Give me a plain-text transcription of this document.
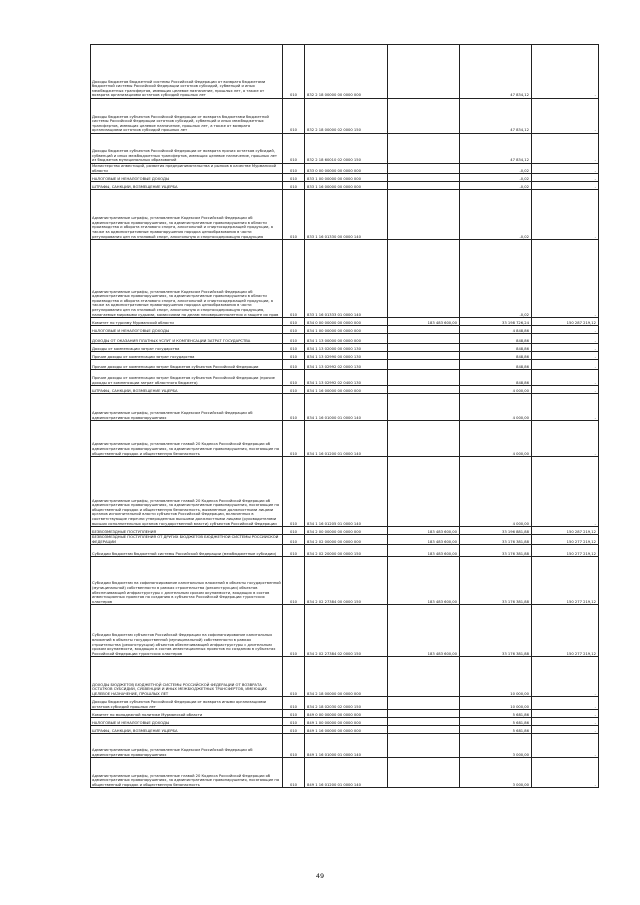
Доходы бюджетов бюджетной системы Российской Федерации от возврата бюджетами бюджетной системы Российской Федерации остатков субсидий, субвенций и иных межбюджетных трансфертов, имеющих целевое назначение, прошлых лет, а также от возврата организациями остатков субсидий прошлых лет	010	832 2 18 00000 00 0000 000		47 834,12	-
Доходы бюджетов субъектов Российской Федерации от возврата бюджетами бюджетной системы Российской Федерации остатков субсидий, субвенций и иных межбюджетных трансфертов, имеющих целевое назначение, прошлых лет, а также от возврата организациями остатков субсидий прошлых лет	010	832 2 18 00000 02 0000 150		47 834,12	-
Доходы бюджетов субъектов Российской Федерации от возврата прочих остатков субсидий, субвенций и иных межбюджетных трансфертов, имеющих целевое назначение, прошлых лет из бюджетов муниципальных образований	010	832 2 18 60010 02 0000 150		47 834,12	-
Министерство инвестиций, развития предпринимательства и рынков в качестве Мурманской области	010	833 0 00 00000 00 0000 000		-0,02	-
НАЛОГОВЫЕ И НЕНАЛОГОВЫЕ ДОХОДЫ	010	833 1 00 00000 00 0000 000		-0,02	-
ШТРАФЫ, САНКЦИИ, ВОЗМЕЩЕНИЕ УЩЕРБА	010	833 1 16 00000 00 0000 000		-0,02	-
Административные штрафы, установленные Кодексом Российской Федерации об административных правонарушениях, за административные правонарушения в области производства и оборота этилового спирта, алкогольной и спиртосодержащей продукции, а также за административные правонарушения порядка ценообразования в части регулирования цен на этиловый спирт, алкогольную и спиртосодержащую продукцию	010	833 1 16 01330 00 0000 140		-0,02	-
Административные штрафы, установленные Кодексом Российской Федерации об административных правонарушениях, за административные правонарушения в области производства и оборота этилового спирта, алкогольной и спиртосодержащей продукции, а также за административные правонарушения порядка ценообразования в части регулирования цен на этиловый спирт, алкогольную и спиртосодержащую продукцию, налагаемые мировыми судьями, комиссиями по делам несовершеннолетних и защите их прав	010	833 1 16 01333 01 0000 140		-0,02	-
Комитет по туризму Мурманской области	010	834 0 00 00000 00 0000 000	183 483 600,00	33 198 726,24	150 287 219,12
НАЛОГОВЫЕ И НЕНАЛОГОВЫЕ ДОХОДЫ	010	834 1 00 00000 00 0000 000		4 848,86	-
ДОХОДЫ ОТ ОКАЗАНИЯ ПЛАТНЫХ УСЛУГ И КОМПЕНСАЦИИ ЗАТРАТ ГОСУДАРСТВА	010	834 1 13 00000 00 0000 000		848,86	-
Доходы от компенсации затрат государства	010	834 1 13 02000 00 0000 130		848,86	-
Прочие доходы от компенсации затрат государства	010	834 1 13 02990 00 0000 130		848,86	-
Прочие доходы от компенсации затрат бюджетов субъектов Российской Федерации	010	834 1 13 02992 02 0000 130		848,86	-
Прочие доходы от компенсации затрат бюджетов субъектов Российской Федерации (прочие доходы от компенсации затрат областного бюджета)	010	834 1 13 02992 02 0400 130		848,86	-
ШТРАФЫ, САНКЦИИ, ВОЗМЕЩЕНИЕ УЩЕРБА	010	834 1 16 00000 00 0000 000		4 000,00	-
Административные штрафы, установленные Кодексом Российской Федерации об административных правонарушениях	010	834 1 16 01000 01 0000 140		4 000,00	-
Административные штрафы, установленные главой 20 Кодекса Российской Федерации об административных правонарушениях, за административные правонарушения, посягающие на общественный порядок и общественную безопасность	010	834 1 16 01200 01 0000 140		4 000,00	-
Административные штрафы, установленные главой 20 Кодекса Российской Федерации об административных правонарушениях, за административные правонарушения, посягающие на общественный порядок и общественную безопасность, выявленные должностными лицами органов исполнительной власти субъектов Российской Федерации, включенных в соответствующие перечни утвержденных высшими должностными лицами (руководителями высших исполнительных органов государственной власти) субъектов Российской Федерации	010	834 1 16 01205 01 0000 140		4 000,00	-
БЕЗВОЗМЕЗДНЫЕ ПОСТУПЛЕНИЯ	010	834 2 00 00000 00 0000 000	183 483 600,00	33 196 881,88	150 287 219,12
БЕЗВОЗМЕЗДНЫЕ ПОСТУПЛЕНИЯ ОТ ДРУГИХ БЮДЖЕТОВ БЮДЖЕТНОЙ СИСТЕМЫ РОССИЙСКОЙ ФЕДЕРАЦИИ	010	834 2 02 00000 00 0000 000	183 483 600,00	33 176 381,88	150 277 219,12
Субсидии бюджетам бюджетной системы Российской Федерации (межбюджетные субсидии)	010	834 2 02 20000 00 0000 150	183 483 600,00	33 176 381,88	150 277 219,12
Субсидии бюджетам на софинансирование капитальных вложений в объекты государственной (муниципальной) собственности в рамках строительства (реконструкции) объектов обеспечивающей инфраструктуры с длительным сроком окупаемости, входящих в состав инвестиционных проектов по созданию в субъектах Российской Федерации туристских кластеров	010	834 2 02 27384 00 0000 150	183 483 600,00	33 176 381,88	150 277 219,12
Субсидии бюджетам субъектов Российской Федерации на софинансирование капитальных вложений в объекты государственной (муниципальной) собственности в рамках строительства (реконструкции) объектов обеспечивающей инфраструктуры с длительным сроком окупаемости, входящих в состав инвестиционных проектов по созданию в субъектах Российской Федерации туристских кластеров	010	834 2 02 27384 02 0000 150	183 483 600,00	33 176 381,88	150 277 219,12
ДОХОДЫ БЮДЖЕТОВ БЮДЖЕТНОЙ СИСТЕМЫ РОССИЙСКОЙ ФЕДЕРАЦИИ ОТ ВОЗВРАТА ОСТАТКОВ СУБСИДИЙ, СУБВЕНЦИЙ И ИНЫХ МЕЖБЮДЖЕТНЫХ ТРАНСФЕРТОВ, ИМЕЮЩИХ ЦЕЛЕВОЕ НАЗНАЧЕНИЕ, ПРОШЛЫХ ЛЕТ	010	834 2 18 00000 00 0000 000		10 000,00	-
Доходы бюджетов субъектов Российской Федерации от возврата иными организациями остатков субсидий прошлых лет	010	834 2 18 02030 02 0000 150		10 000,00	-
Комитет по молодежной политике Мурманской области	010	849 0 00 00000 00 0000 000		5 681,86	-
НАЛОГОВЫЕ И НЕНАЛОГОВЫЕ ДОХОДЫ	010	849 1 00 00000 00 0000 000		5 681,86	-
ШТРАФЫ, САНКЦИИ, ВОЗМЕЩЕНИЕ УЩЕРБА	010	849 1 16 00000 00 0000 000		5 681,86	-
Административные штрафы, установленные Кодексом Российской Федерации об административных правонарушениях	010	849 1 16 01000 01 0000 140		3 000,00	-
Административные штрафы, установленные главой 20 Кодекса Российской Федерации об административных правонарушениях, за административные правонарушения, посягающие на общественный порядок и общественную безопасность	010	849 1 16 01200 01 0000 140		3 000,00	-
49
